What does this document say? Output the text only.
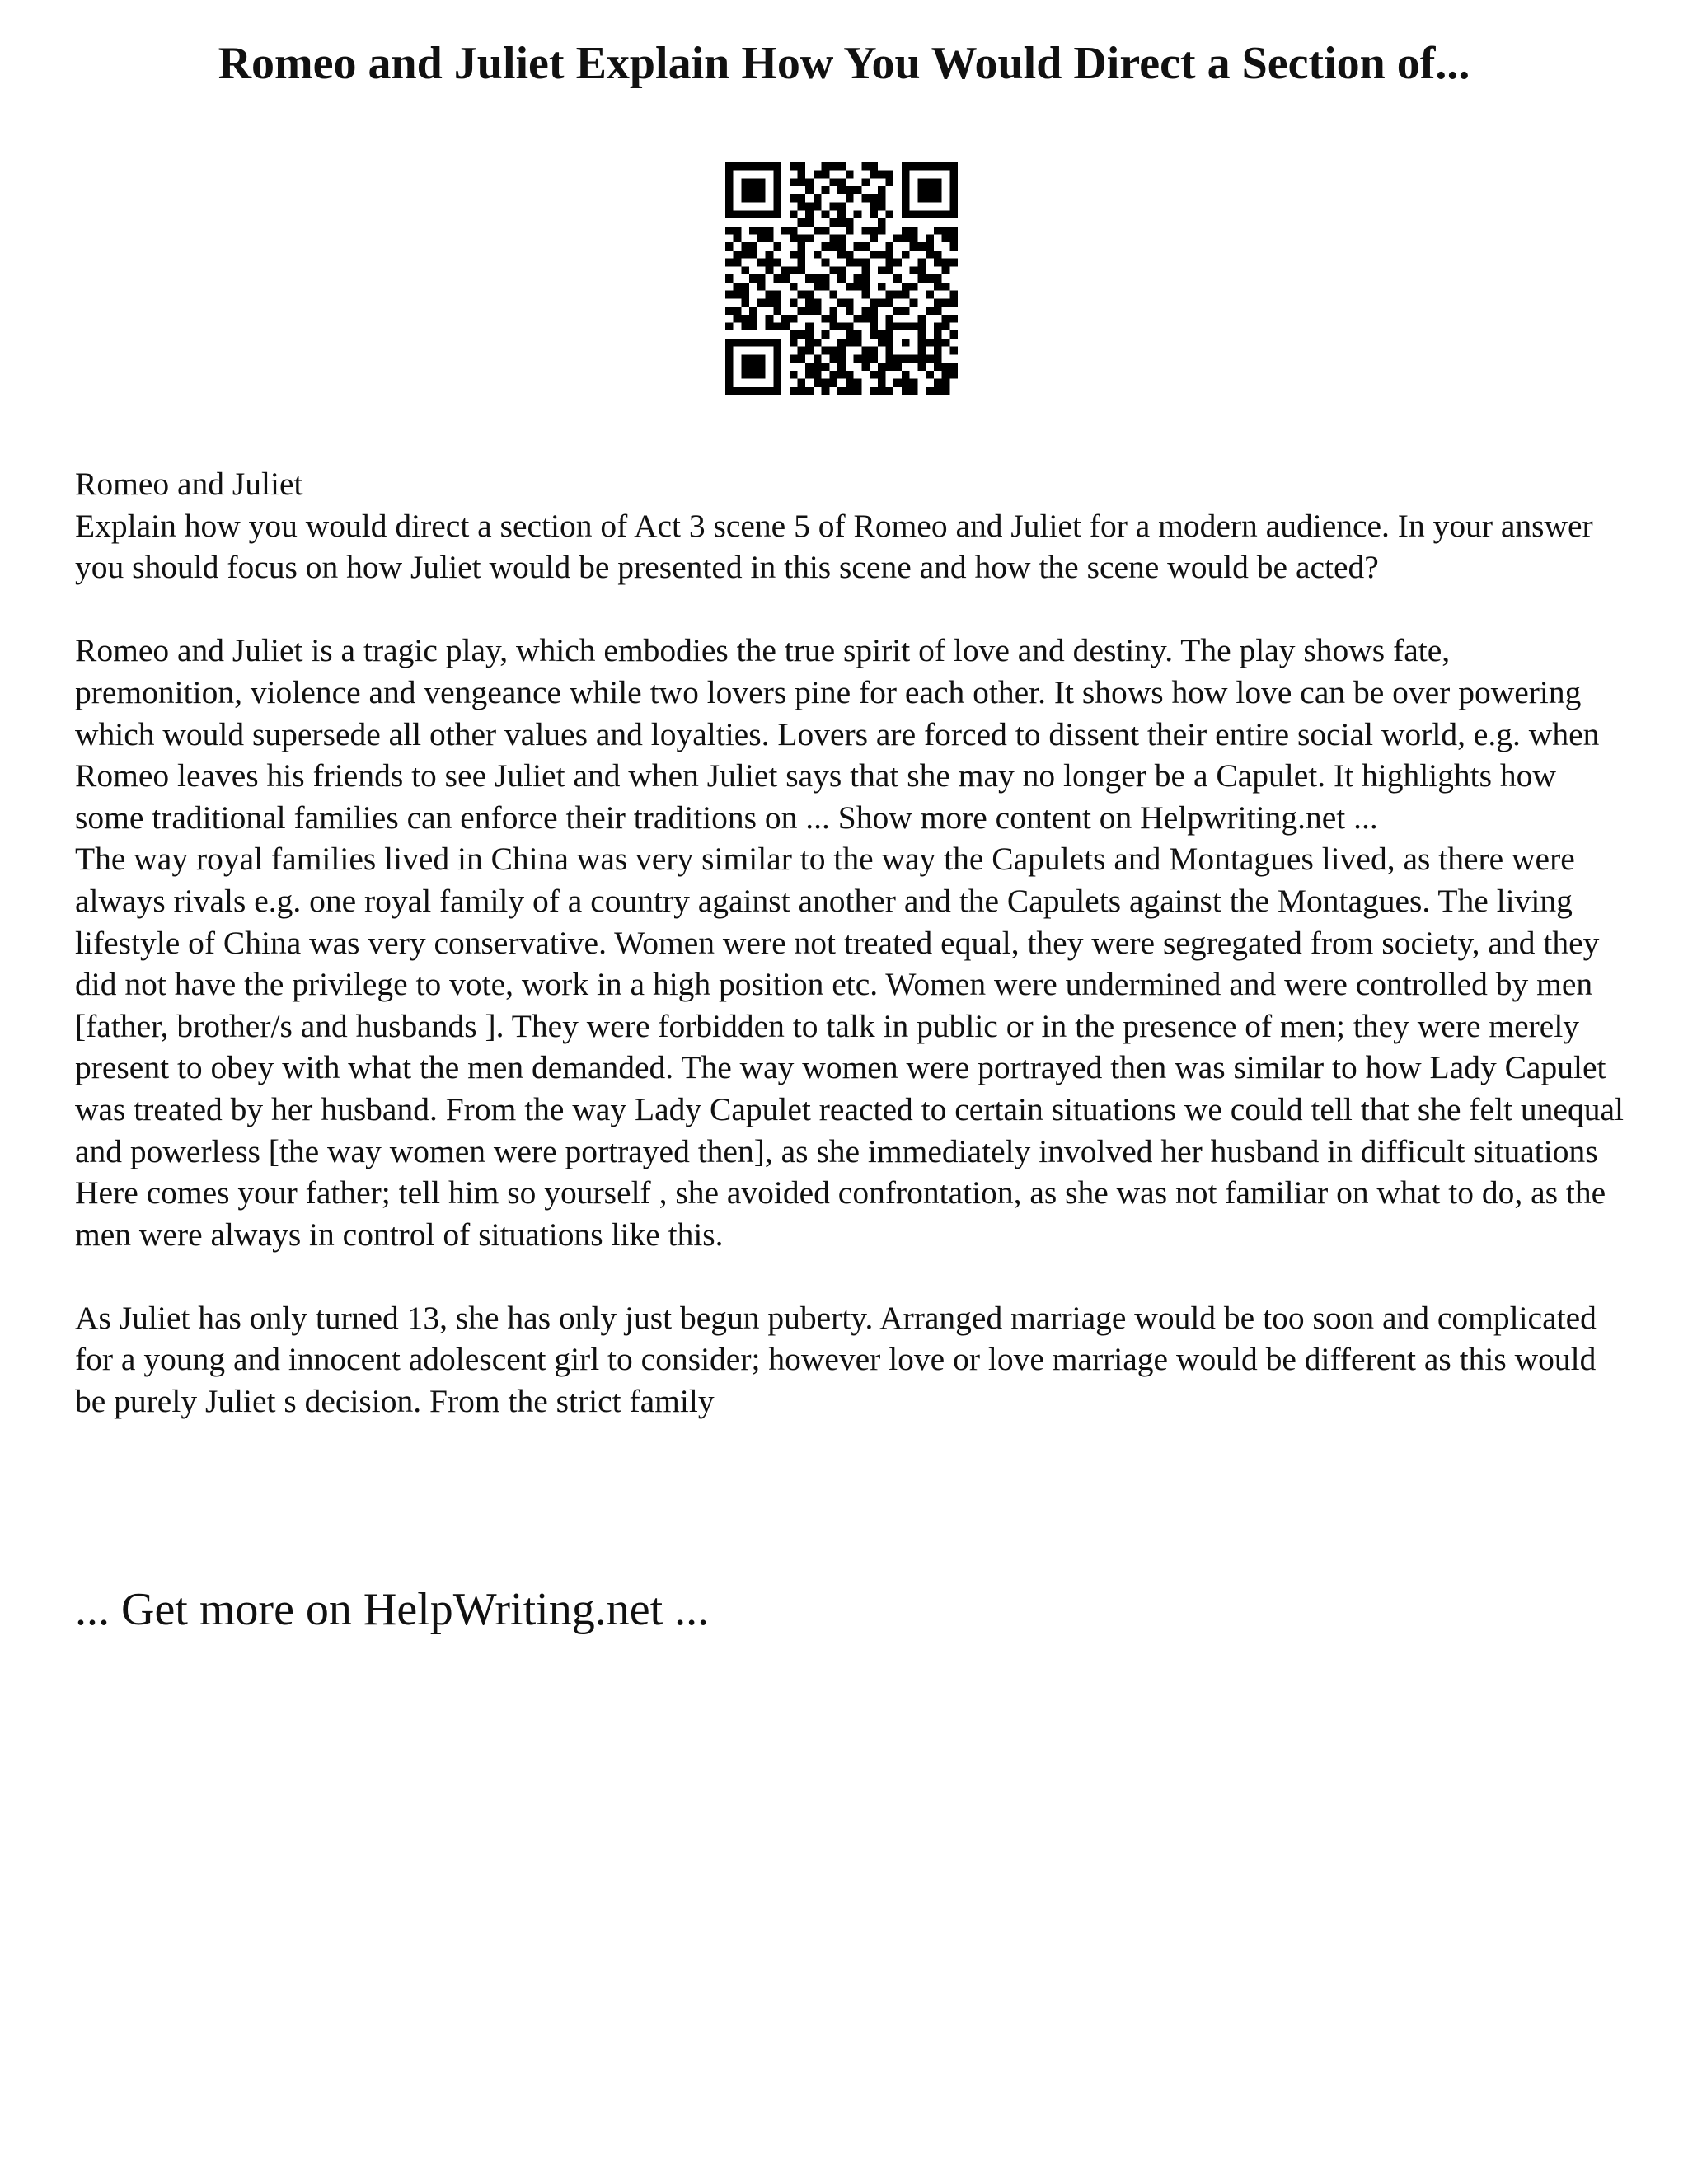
Romeo and Juliet Explain How You Would Direct a Section of...

Romeo and Juliet

Explain how you would direct a section of Act 3 scene 5 of Romeo and Juliet for a modern audience. In your answer you should focus on how Juliet would be presented in this scene and how the scene would be acted?

Romeo and Juliet is a tragic play, which embodies the true spirit of love and destiny. The play shows fate, premonition, violence and vengeance while two lovers pine for each other. It shows how love can be over powering which would supersede all other values and loyalties. Lovers are forced to dissent their entire social world, e.g. when Romeo leaves his friends to see Juliet and when Juliet says that she may no longer be a Capulet. It highlights how some traditional families can enforce their traditions on ... Show more content on Helpwriting.net ...

The way royal families lived in China was very similar to the way the Capulets and Montagues lived, as there were always rivals e.g. one royal family of a country against another and the Capulets against the Montagues. The living lifestyle of China was very conservative. Women were not treated equal, they were segregated from society, and they did not have the privilege to vote, work in a high position etc. Women were undermined and were controlled by men [father, brother/s and husbands ]. They were forbidden to talk in public or in the presence of men; they were merely present to obey with what the men demanded. The way women were portrayed then was similar to how Lady Capulet was treated by her husband. From the way Lady Capulet reacted to certain situations we could tell that she felt unequal and powerless [the way women were portrayed then], as she immediately involved her husband in difficult situations Here comes your father; tell him so yourself , she avoided confrontation, as she was not familiar on what to do, as the men were always in control of situations like this.

As Juliet has only turned 13, she has only just begun puberty. Arranged marriage would be too soon and complicated for a young and innocent adolescent girl to consider; however love or love marriage would be different as this would be purely Juliet s decision. From the strict family

... Get more on HelpWriting.net ...
